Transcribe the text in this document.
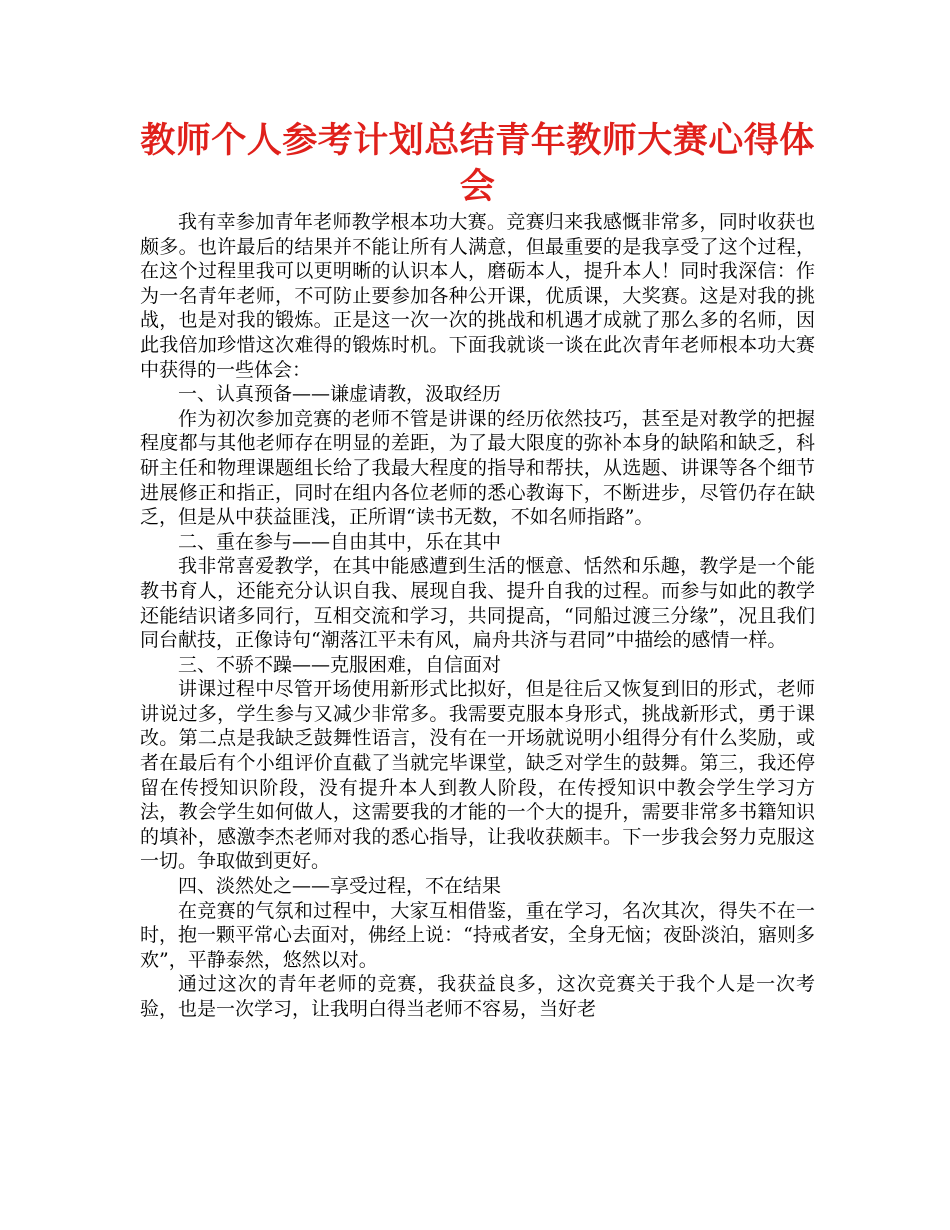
教师个人参考计划总结青年教师大赛心得体会

我有幸参加青年老师教学根本功大赛。竞赛归来我感慨非常多，同时收获也颇多。也许最后的结果并不能让所有人满意，但最重要的是我享受了这个过程，在这个过程里我可以更明晰的认识本人，磨砺本人，提升本人！同时我深信：作为一名青年老师，不可防止要参加各种公开课，优质课，大奖赛。这是对我的挑战，也是对我的锻炼。正是这一次一次的挑战和机遇才成就了那么多的名师，因此我倍加珍惜这次难得的锻炼时机。下面我就谈一谈在此次青年老师根本功大赛中获得的一些体会：

一、认真预备——谦虚请教，汲取经历

作为初次参加竞赛的老师不管是讲课的经历依然技巧，甚至是对教学的把握程度都与其他老师存在明显的差距，为了最大限度的弥补本身的缺陷和缺乏，科研主任和物理课题组长给了我最大程度的指导和帮扶，从选题、讲课等各个细节进展修正和指正，同时在组内各位老师的悉心教诲下，不断进步，尽管仍存在缺乏，但是从中获益匪浅，正所谓“读书无数，不如名师指路”。

二、重在参与——自由其中，乐在其中

我非常喜爱教学，在其中能感遭到生活的惬意、恬然和乐趣，教学是一个能教书育人，还能充分认识自我、展现自我、提升自我的过程。而参与如此的教学还能结识诸多同行，互相交流和学习，共同提高，“同船过渡三分缘”，况且我们同台献技，正像诗句“潮落江平未有风，扁舟共济与君同”中描绘的感情一样。

三、不骄不躁——克服困难，自信面对

讲课过程中尽管开场使用新形式比拟好，但是往后又恢复到旧的形式，老师讲说过多，学生参与又减少非常多。我需要克服本身形式，挑战新形式，勇于课改。第二点是我缺乏鼓舞性语言，没有在一开场就说明小组得分有什么奖励，或者在最后有个小组评价直截了当就完毕课堂，缺乏对学生的鼓舞。第三，我还停留在传授知识阶段，没有提升本人到教人阶段，在传授知识中教会学生学习方法，教会学生如何做人，这需要我的才能的一个大的提升，需要非常多书籍知识的填补，感激李杰老师对我的悉心指导，让我收获颇丰。下一步我会努力克服这一切。争取做到更好。

四、淡然处之——享受过程，不在结果

在竞赛的气氛和过程中，大家互相借鉴，重在学习，名次其次，得失不在一时，抱一颗平常心去面对，佛经上说：“持戒者安，全身无恼；夜卧淡泊，寤则多欢”，平静泰然，悠然以对。

通过这次的青年老师的竞赛，我获益良多，这次竞赛关于我个人是一次考验，也是一次学习，让我明白得当老师不容易，当好老
